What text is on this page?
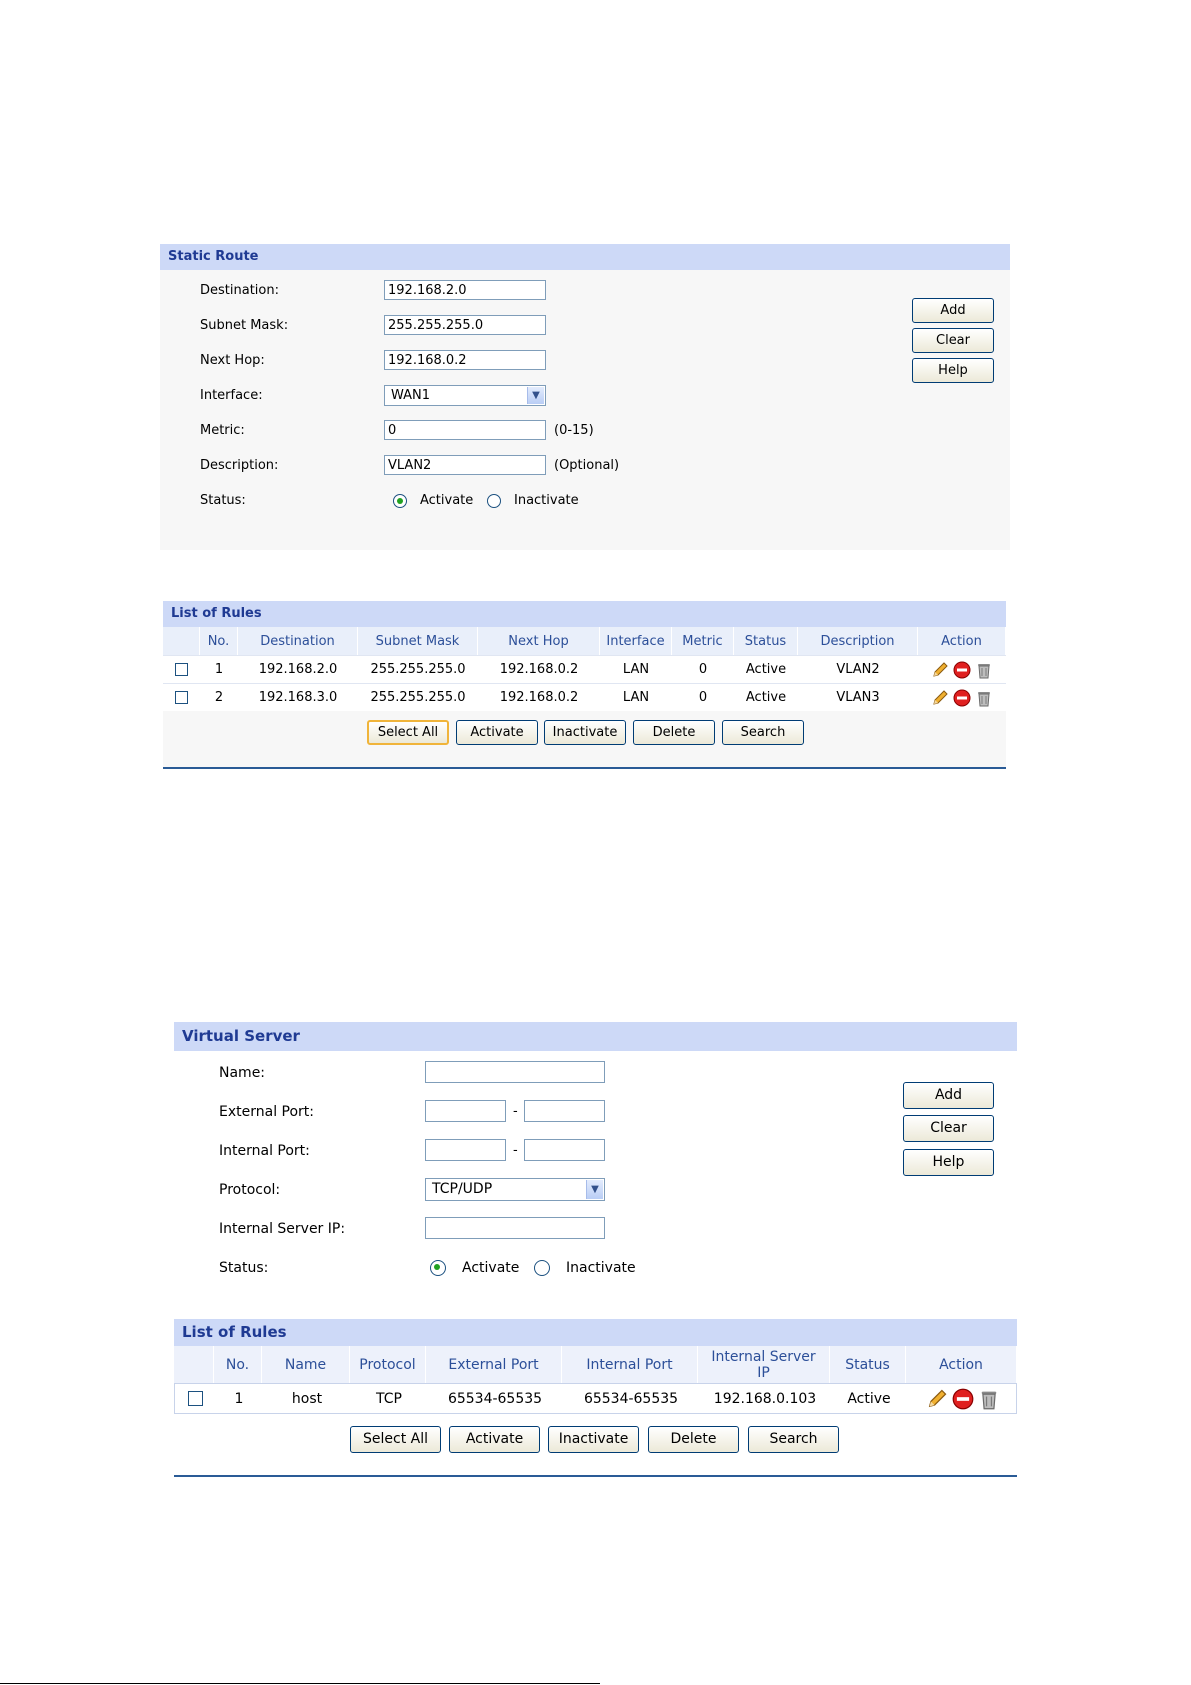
Static Route
Destination:
192.168.2.0
Subnet Mask:
255.255.255.0
Next Hop:
192.168.0.2
Interface:	WAN1	▼
Metric:
0	(0-15)
Description:
VLAN2	(Optional)
Status:	Activate	Inactivate
Add
Clear
Help
List of Rules
No.	Destination	Subnet Mask	Next Hop	Interface	Metric	Status	Description	Action
1	192.168.2.0	255.255.255.0	192.168.0.2	LAN	0	Active	VLAN2
2	192.168.3.0	255.255.255.0	192.168.0.2	LAN	0	Active	VLAN3
Select All	Activate	Inactivate	Delete	Search
Virtual Server
Name:
External Port:	-
Internal Port:	-
Protocol:	TCP/UDP	▼
Internal Server IP:
Status:	Activate	Inactivate
Add
Clear
Help
List of Rules
No.	Name	Protocol	External Port	Internal Port	Internal Server IP	Status	Action
1	host	TCP	65534-65535	65534-65535	192.168.0.103	Active
Select All	Activate	Inactivate	Delete	Search
